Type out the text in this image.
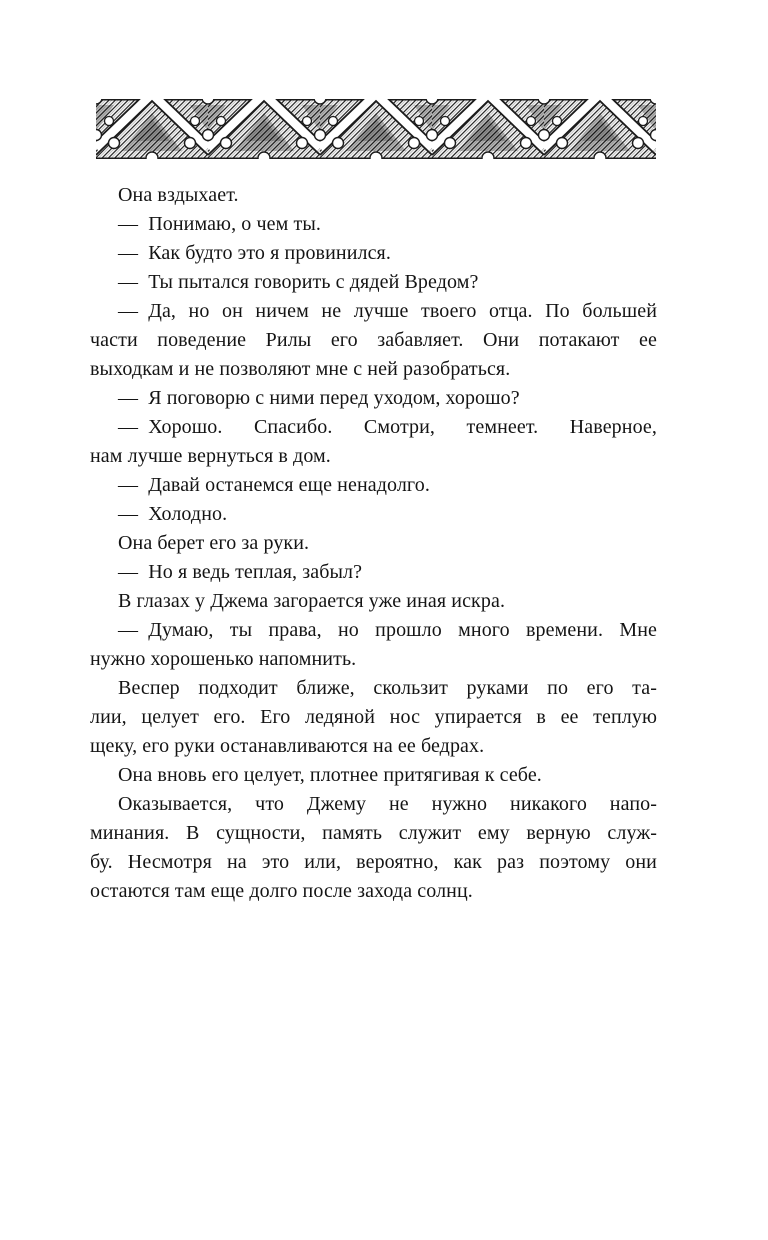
Она вздыхает.

— Понимаю, о чем ты.

— Как будто это я провинился.

— Ты пытался говорить с дядей Вредом?

— Да, но он ничем не лучше твоего отца. По большей
части поведение Рилы его забавляет. Они потакают ее
выходкам и не позволяют мне с ней разобраться.

— Я поговорю с ними перед уходом, хорошо?

— Хорошо. Спасибо. Смотри, темнеет. Наверное,
нам лучше вернуться в дом.

— Давай останемся еще ненадолго.

— Холодно.

Она берет его за руки.

— Но я ведь теплая, забыл?

В глазах у Джема загорается уже иная искра.

— Думаю, ты права, но прошло много времени. Мне
нужно хорошенько напомнить.

Веспер подходит ближе, скользит руками по его та-
лии, целует его. Его ледяной нос упирается в ее теплую
щеку, его руки останавливаются на ее бедрах.

Она вновь его целует, плотнее притягивая к себе.

Оказывается, что Джему не нужно никакого напо-
минания. В сущности, память служит ему верную служ-
бу. Несмотря на это или, вероятно, как раз поэтому они
остаются там еще долго после захода солнц.
